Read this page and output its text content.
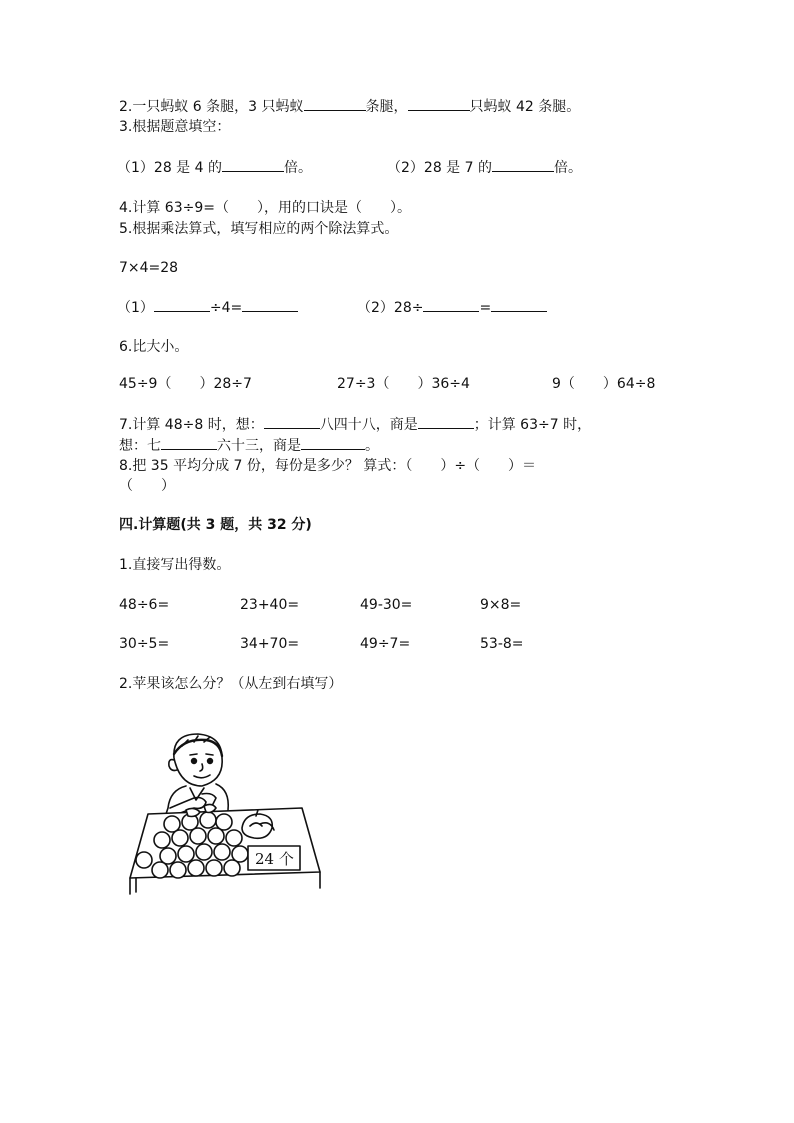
2.一只蚂蚁 6 条腿，3 只蚂蚁	条腿，	只蚂蚁 42 条腿。
3.根据题意填空：
（1）28 是 4 的	倍。	（2）28 是 7 的	倍。
4.计算 63÷9=（　　），用的口诀是（　　）。
5.根据乘法算式，填写相应的两个除法算式。
7×4=28
（1）	÷4=	（2）28÷	=
6.比大小。
45÷9（　　）28÷7	27÷3（　　）36÷4	9（　　）64÷8
7.计算 48÷8 时，想：	八四十八，商是	；计算 63÷7 时，
想：七	六十三，商是	。
8.把 35 平均分成 7 份，每份是多少？ 算式：（　　）÷（　　）＝
（　　）
四.计算题(共 3 题，共 32 分)
1.直接写出得数。
48÷6=	23+40=	49-30=	9×8=
30÷5=	34+70=	49÷7=	53-8=
2.苹果该怎么分？（从左到右填写）
24 个
